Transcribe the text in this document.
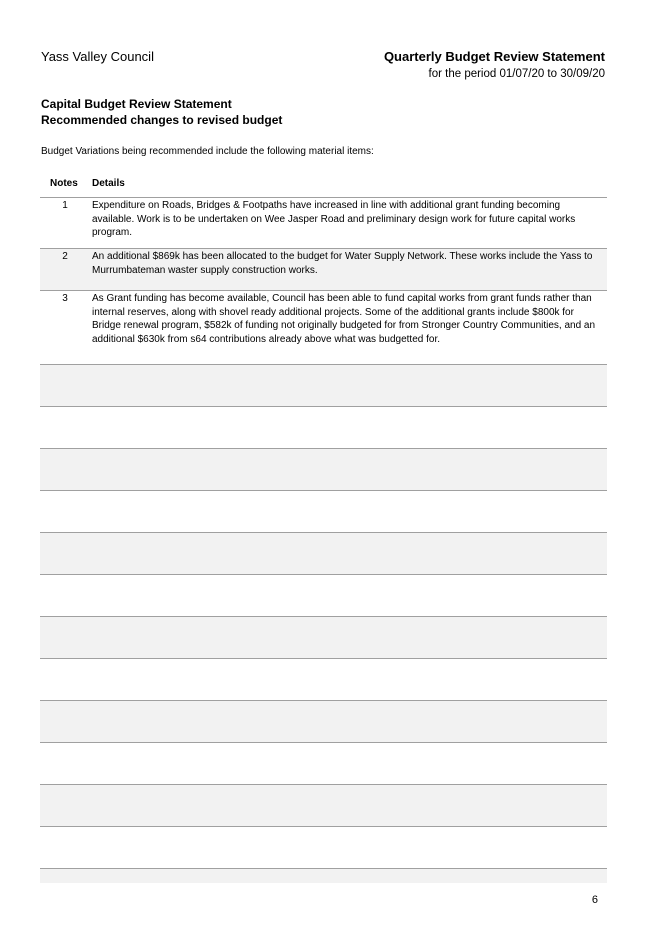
Yass Valley Council	Quarterly Budget Review Statement
for the period 01/07/20 to 30/09/20
Capital Budget Review Statement
Recommended changes to revised budget
Budget Variations being recommended include the following material items:
Notes	Details
1	Expenditure on Roads, Bridges & Footpaths have increased in line with additional grant funding becoming available. Work is to be undertaken on Wee Jasper Road and preliminary design work for future capital works program.
2	An additional $869k has been allocated to the budget for Water Supply Network. These works include the Yass to Murrumbateman waster supply construction works.
3	As Grant funding has become available, Council has been able to fund capital works from grant funds rather than internal reserves, along with shovel ready additional projects. Some of the additional grants include $800k for Bridge renewal program, $582k of funding not originally budgeted for from Stronger Country Communities, and an additional $630k from s64 contributions already above what was budgetted for.
6
